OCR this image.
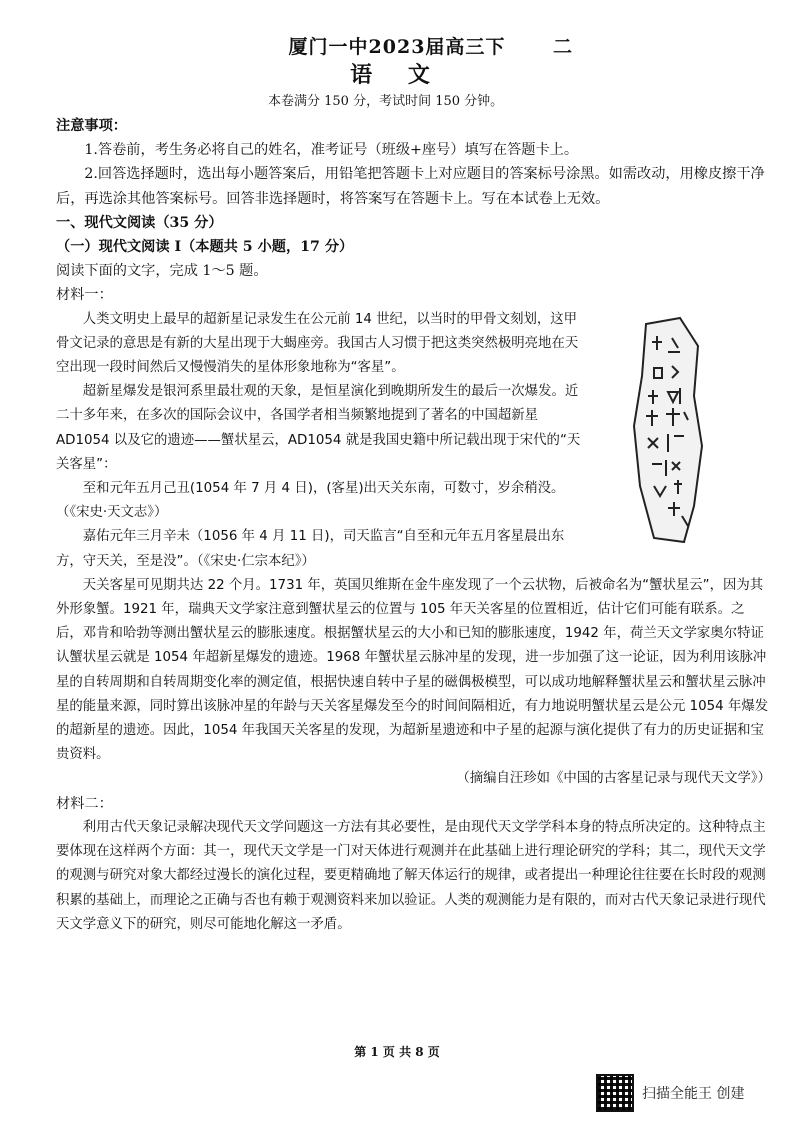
厦门一中2023届高三下	二
语 文
本卷满分 150 分，考试时间 150 分钟。

注意事项：

1.答卷前，考生务必将自己的姓名，准考证号（班级+座号）填写在答题卡上。

2.回答选择题时，选出每小题答案后，用铅笔把答题卡上对应题目的答案标号涂黑。如需改动，用橡皮擦干净后，再选涂其他答案标号。回答非选择题时，将答案写在答题卡上。写在本试卷上无效。

一、现代文阅读（35 分）

（一）现代文阅读 I（本题共 5 小题，17 分）

阅读下面的文字，完成 1～5 题。

材料一：

人类文明史上最早的超新星记录发生在公元前 14 世纪，以当时的甲骨文刻划，这甲骨文记录的意思是有新的大星出现于大蝎座旁。我国古人习惯于把这类突然极明亮地在天空出现一段时间然后又慢慢消失的星体形象地称为“客星”。

超新星爆发是银河系里最壮观的天象，是恒星演化到晚期所发生的最后一次爆发。近二十多年来，在多次的国际会议中，各国学者相当频繁地提到了著名的中国超新星 AD1054 以及它的遗迹——蟹状星云，AD1054 就是我国史籍中所记载出现于宋代的“天关客星”：

至和元年五月己丑(1054 年 7 月 4 日)，(客星)出天关东南，可数寸，岁余稍没。（《宋史·天文志》）

嘉佑元年三月辛未（1056 年 4 月 11 日)，司天监言“自至和元年五月客星晨出东方，守天关，至是没”。（《宋史·仁宗本纪》）

天关客星可见期共达 22 个月。1731 年，英国贝维斯在金牛座发现了一个云状物，后被命名为“蟹状星云”，因为其外形象蟹。1921 年，瑞典天文学家注意到蟹状星云的位置与 105 年天关客星的位置相近，估计它们可能有联系。之后，邓肯和哈勃等测出蟹状星云的膨胀速度。根据蟹状星云的大小和已知的膨胀速度，1942 年，荷兰天文学家奥尔特证认蟹状星云就是 1054 年超新星爆发的遗迹。1968 年蟹状星云脉冲星的发现，进一步加强了这一论证，因为利用该脉冲星的自转周期和自转周期变化率的测定值，根据快速自转中子星的磁偶极模型，可以成功地解释蟹状星云和蟹状星云脉冲星的能量来源，同时算出该脉冲星的年龄与天关客星爆发至今的时间间隔相近，有力地说明蟹状星云是公元 1054 年爆发的超新星的遗迹。因此，1054 年我国天关客星的发现，为超新星遗迹和中子星的起源与演化提供了有力的历史证据和宝贵资料。

（摘编自汪珍如《中国的古客星记录与现代天文学》）

材料二：

利用古代天象记录解决现代天文学问题这一方法有其必要性，是由现代天文学学科本身的特点所决定的。这种特点主要体现在这样两个方面：其一，现代天文学是一门对天体进行观测并在此基础上进行理论研究的学科；其二，现代天文学的观测与研究对象大都经过漫长的演化过程，要更精确地了解天体运行的规律，或者提出一种理论往往要在长时段的观测积累的基础上，而理论之正确与否也有赖于观测资料来加以验证。人类的观测能力是有限的，而对古代天象记录进行现代天文学意义下的研究，则尽可能地化解这一矛盾。

第 1 页 共 8 页
扫描全能王 创建
